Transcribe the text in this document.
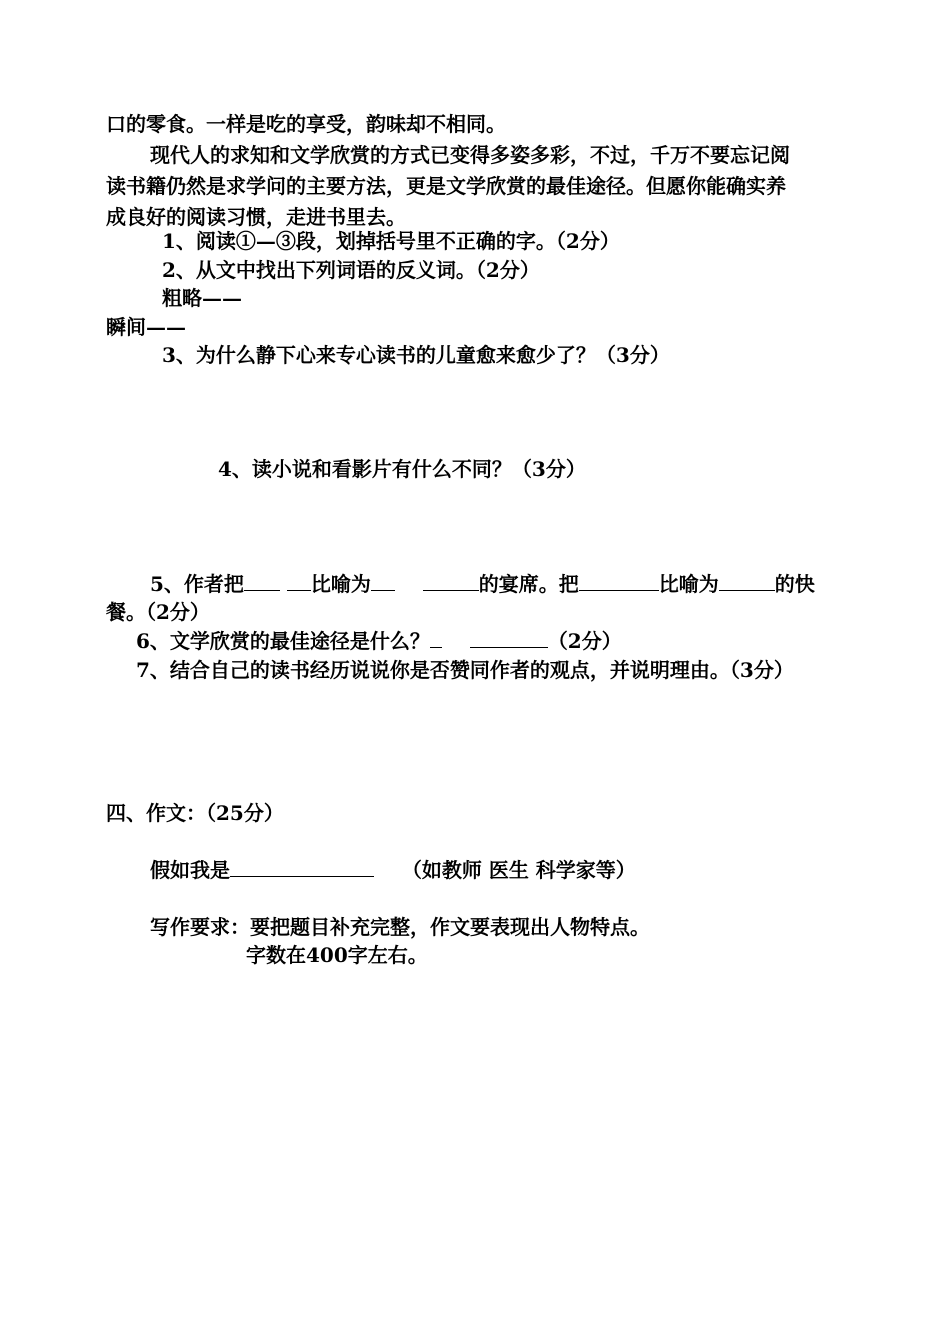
口的零食。一样是吃的享受，韵味却不相同。
现代人的求知和文学欣赏的方式已变得多姿多彩，不过，千万不要忘记阅
读书籍仍然是求学问的主要方法，更是文学欣赏的最佳途径。但愿你能确实养
成良好的阅读习惯，走进书里去。
1、阅读①—③段，划掉括号里不正确的字。（2分）
2、从文中找出下列词语的反义词。（2分）
粗略——
瞬间——
3、为什么静下心来专心读书的儿童愈来愈少了？（3分）
4、读小说和看影片有什么不同？（3分）
5、作者把	比喻为	的宴席。把	比喻为	的快
餐。（2分）
6、文学欣赏的最佳途径是什么？	（2分）
7、结合自己的读书经历说说你是否赞同作者的观点，并说明理由。（3分）
四、作文：（25分）
假如我是	（如教师 医生 科学家等）
写作要求：要把题目补充完整，作文要表现出人物特点。
字数在400字左右。
